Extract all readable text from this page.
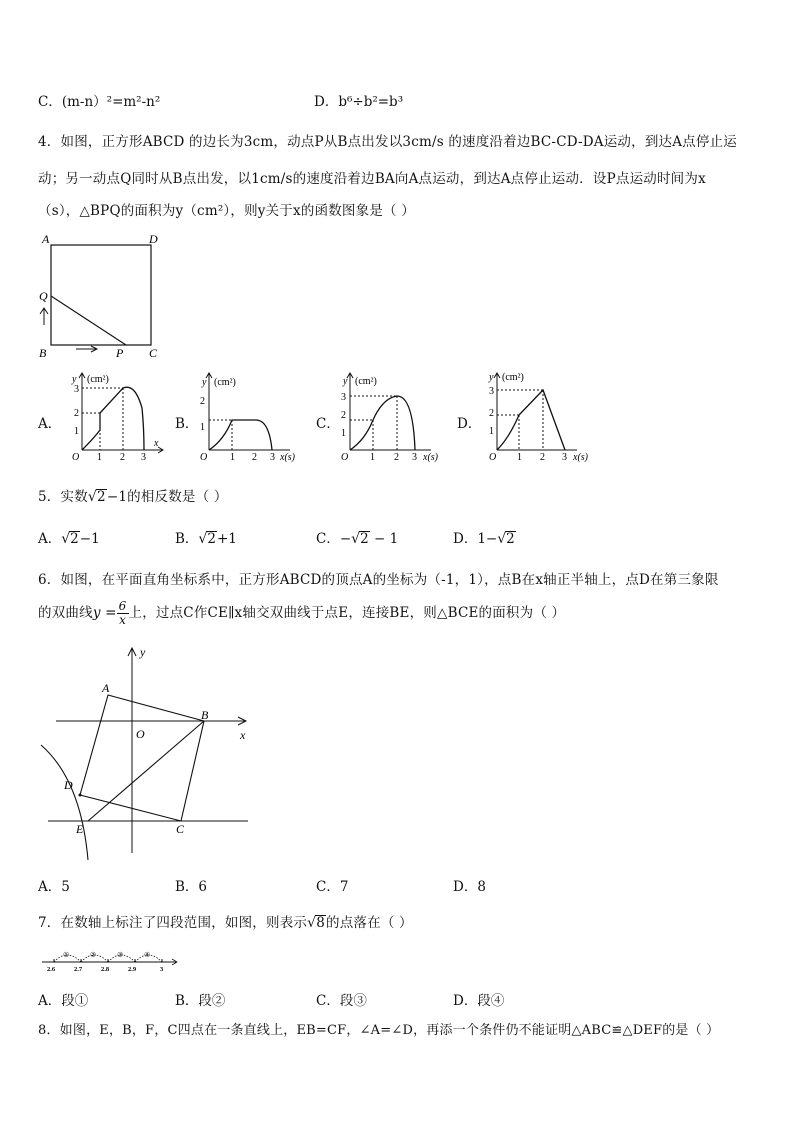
C．(m-n）²=m²-n²	D．b⁶÷b²=b³
4．如图，正方形ABCD 的边长为3cm，动点P从B点出发以3cm/s 的速度沿着边BC-CD-DA运动，到达A点停止运
动；另一动点Q同时从B点出发，以1cm/s的速度沿着边BA向A点运动，到达A点停止运动．设P点运动时间为x
（s），△BPQ的面积为y（cm²），则y关于x的函数图象是（ ）
A	D
Q
B	P C
A．	B．	C．	D．
y (cm²)
3
2
1
O 1 2 3
x
y (cm²)
2
1
O 1 2 3 x(s)
y (cm²)
3
2
1
O 1 2 3 x(s)
y (cm²)
3
2
1
O 1 2 3 x(s)
5．实数√2−1的相反数是（ ）
A．√2−1	B．√2+1	C．−√2 − 1	D．1−√2
6．如图，在平面直角坐标系中，正方形ABCD的顶点A的坐标为（-1，1），点B在x轴正半轴上，点D在第三象限
的双曲线$y = \frac{6}{x}$ 上，过点C作CE∥x轴交双曲线于点E，连接BE，则△BCE的面积为（ ）
y
x
A
B
O
D
E	C
A．5	B．6	C．7	D．8
7．在数轴上标注了四段范围，如图，则表示√8的点落在（ ）
①	②	③	④
2.6	2.7	2.8	2.9	3
A．段①	B．段②	C．段③	D．段④
8．如图，E，B，F，C四点在一条直线上，EB=CF，∠A=∠D，再添一个条件仍不能证明△ABC≌△DEF的是（ ）
